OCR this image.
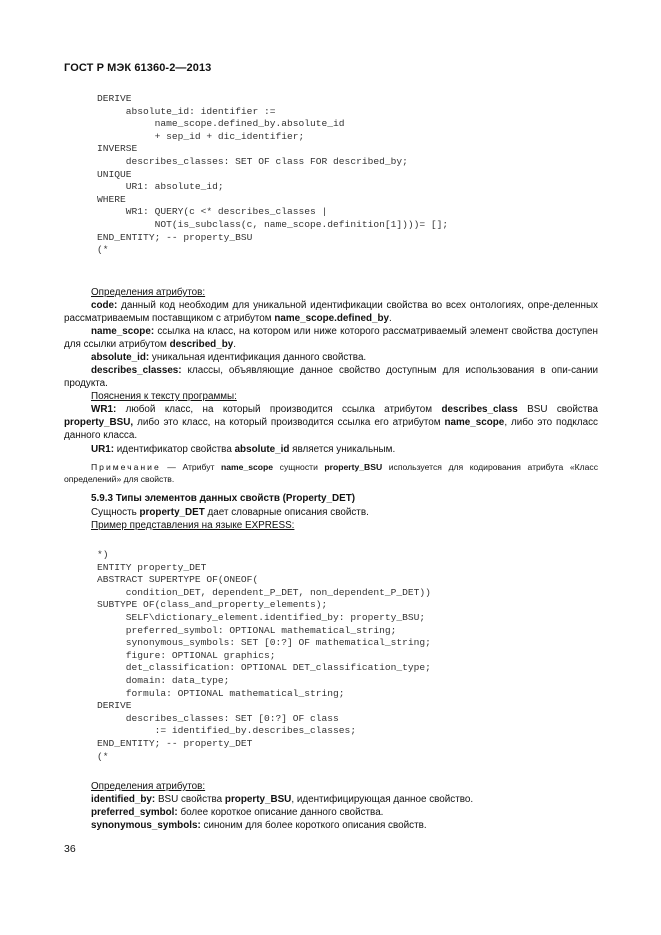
ГОСТ Р МЭК 61360-2—2013
DERIVE
absolute_id: identifier :=
name_scope.defined_by.absolute_id
+ sep_id + dic_identifier;
INVERSE
describes_classes: SET OF class FOR described_by;
UNIQUE
UR1: absolute_id;
WHERE
WR1: QUERY(c <* describes_classes |
NOT(is_subclass(c, name_scope.definition[1])))= [];
END_ENTITY; -- property_BSU
(*

Определения атрибутов:

code: данный код необходим для уникальной идентификации свойства во всех онтологиях, опре-деленных рассматриваемым поставщиком с атрибутом name_scope.defined_by.

name_scope: ссылка на класс, на котором или ниже которого рассматриваемый элемент свойства доступен для ссылки атрибутом described_by.

absolute_id: уникальная идентификация данного свойства.

describes_classes: классы, объявляющие данное свойство доступным для использования в опи-сании продукта.

Пояснения к тексту программы:

WR1: любой класс, на который производится ссылка атрибутом describes_class BSU свойства property_BSU, либо это класс, на который производится ссылка его атрибутом name_scope, либо это подкласс данного класса.

UR1: идентификатор свойства absolute_id является уникальным.

Примечание — Атрибут name_scope сущности property_BSU используется для кодирования атрибута «Класс определений» для свойств.

5.9.3 Типы элементов данных свойств (Property_DET)

Сущность property_DET дает словарные описания свойств.

Пример представления на языке EXPRESS:

*)
ENTITY property_DET
ABSTRACT SUPERTYPE OF(ONEOF(
condition_DET, dependent_P_DET, non_dependent_P_DET))
SUBTYPE OF(class_and_property_elements);
SELF\dictionary_element.identified_by: property_BSU;
preferred_symbol: OPTIONAL mathematical_string;
synonymous_symbols: SET [0:?] OF mathematical_string;
figure: OPTIONAL graphics;
det_classification: OPTIONAL DET_classification_type;
domain: data_type;
formula: OPTIONAL mathematical_string;
DERIVE
describes_classes: SET [0:?] OF class
:= identified_by.describes_classes;
END_ENTITY; -- property_DET
(*

Определения атрибутов:

identified_by: BSU свойства property_BSU, идентифицирующая данное свойство.

preferred_symbol: более короткое описание данного свойства.

synonymous_symbols: синоним для более короткого описания свойств.

36
